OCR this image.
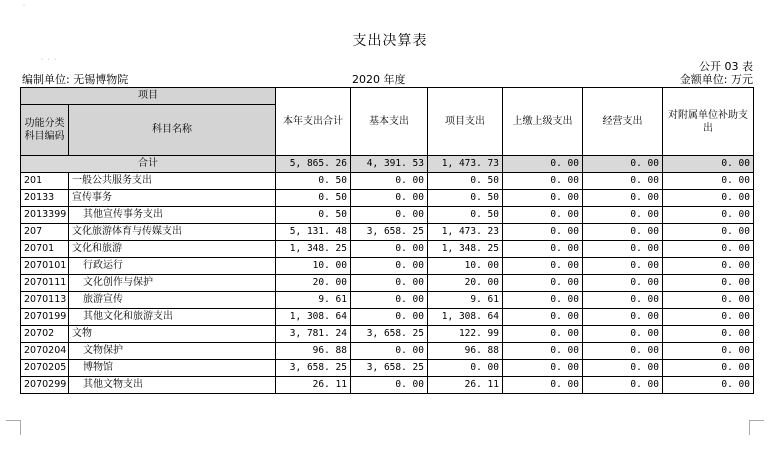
支出决算表
公开 03 表
编制单位: 无锡博物院	2020 年度	金额单位: 万元
˙
˙ ˙ ˙
项目		本年支出合计	基本支出	项目支出	上缴上级支出	经营支出	对附属单位补助支出
功能分类科目编码	科目名称						
合计		5, 865. 26	4, 391. 53	1, 473. 73	0. 00	0. 00	0. 00
201	一般公共服务支出	0. 50	0. 00	0. 50	0. 00	0. 00	0. 00
20133	宣传事务	0. 50	0. 00	0. 50	0. 00	0. 00	0. 00
2013399	其他宣传事务支出	0. 50	0. 00	0. 50	0. 00	0. 00	0. 00
207	文化旅游体育与传媒支出	5, 131. 48	3, 658. 25	1, 473. 23	0. 00	0. 00	0. 00
20701	文化和旅游	1, 348. 25	0. 00	1, 348. 25	0. 00	0. 00	0. 00
2070101	行政运行	10. 00	0. 00	10. 00	0. 00	0. 00	0. 00
2070111	文化创作与保护	20. 00	0. 00	20. 00	0. 00	0. 00	0. 00
2070113	旅游宣传	9. 61	0. 00	9. 61	0. 00	0. 00	0. 00
2070199	其他文化和旅游支出	1, 308. 64	0. 00	1, 308. 64	0. 00	0. 00	0. 00
20702	文物	3, 781. 24	3, 658. 25	122. 99	0. 00	0. 00	0. 00
2070204	文物保护	96. 88	0. 00	96. 88	0. 00	0. 00	0. 00
2070205	博物馆	3, 658. 25	3, 658. 25	0. 00	0. 00	0. 00	0. 00
2070299	其他文物支出	26. 11	0. 00	26. 11	0. 00	0. 00	0. 00
